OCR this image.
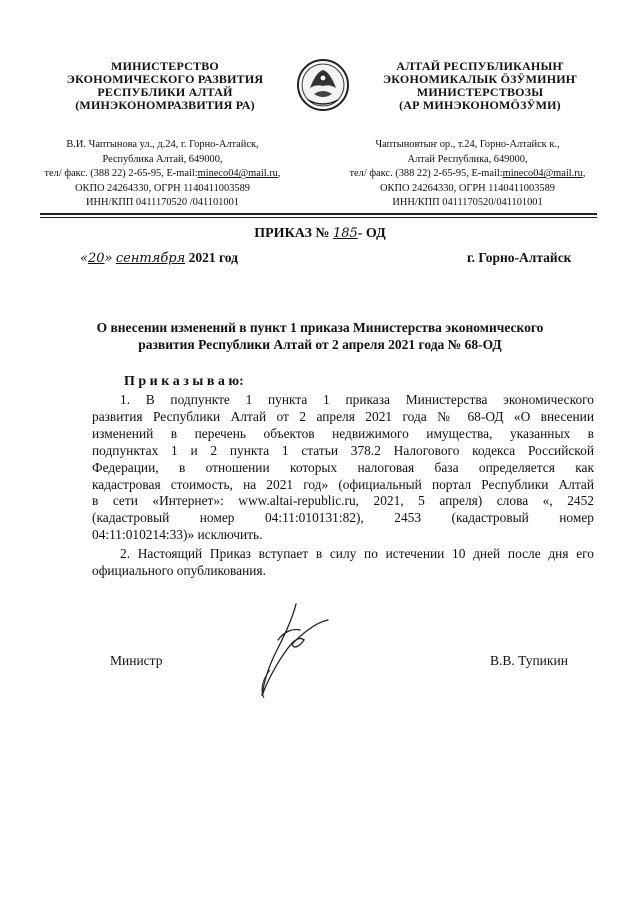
МИНИСТЕРСТВО
ЭКОНОМИЧЕСКОГО РАЗВИТИЯ
РЕСПУБЛИКИ АЛТАЙ
(МИНЭКОНОМРАЗВИТИЯ РА)
АЛТАЙ РЕСПУБЛИКАНЫҤ
ЭКОНОМИКАЛЫК ӦЗӰМИНИҤ
МИНИСТЕРСТВОЗЫ
(АР МИНЭКОНОМӦЗӰМИ)
В.И. Чаптынова ул., д.24, г. Горно-Алтайск,
Республика Алтай, 649000,
тел/ факс. (388 22) 2-65-95, E-mail:mineco04@mail.ru,
ОКПО 24264330, ОГРН 1140411003589
ИНН/КПП 0411170520 /041101001
Чаптыновтыҥ ор., т.24, Горно-Алтайск к.,
Алтай Республика, 649000,
тел/ факс. (388 22) 2-65-95, E-mail:mineco04@mail.ru,
ОКПО 24264330, ОГРН 1140411003589
ИНН/КПП 0411170520/041101001
ПРИКАЗ № 185- ОД
«20» сентября 2021 год	г. Горно-Алтайск
О внесении изменений в пункт 1 приказа Министерства экономического
развития Республики Алтай от 2 апреля 2021 года № 68-ОД
П р и к а з ы в а ю:
1. В подпункте 1 пункта 1 приказа Министерства экономического
развития Республики Алтай от 2 апреля 2021 года № 68-ОД «О внесении
изменений в перечень объектов недвижимого имущества, указанных в
подпунктах 1 и 2 пункта 1 статьи 378.2 Налогового кодекса Российской
Федерации, в отношении которых налоговая база определяется как
кадастровая стоимость, на 2021 год» (официальный портал Республики Алтай
в сети «Интернет»: www.altai-republic.ru, 2021, 5 апреля) слова «, 2452
(кадастровый номер 04:11:010131:82), 2453 (кадастровый номер
04:11:010214:33)» исключить.
2. Настоящий Приказ вступает в силу по истечении 10 дней после дня его
официального опубликования.
Министр	В.В. Тупикин
